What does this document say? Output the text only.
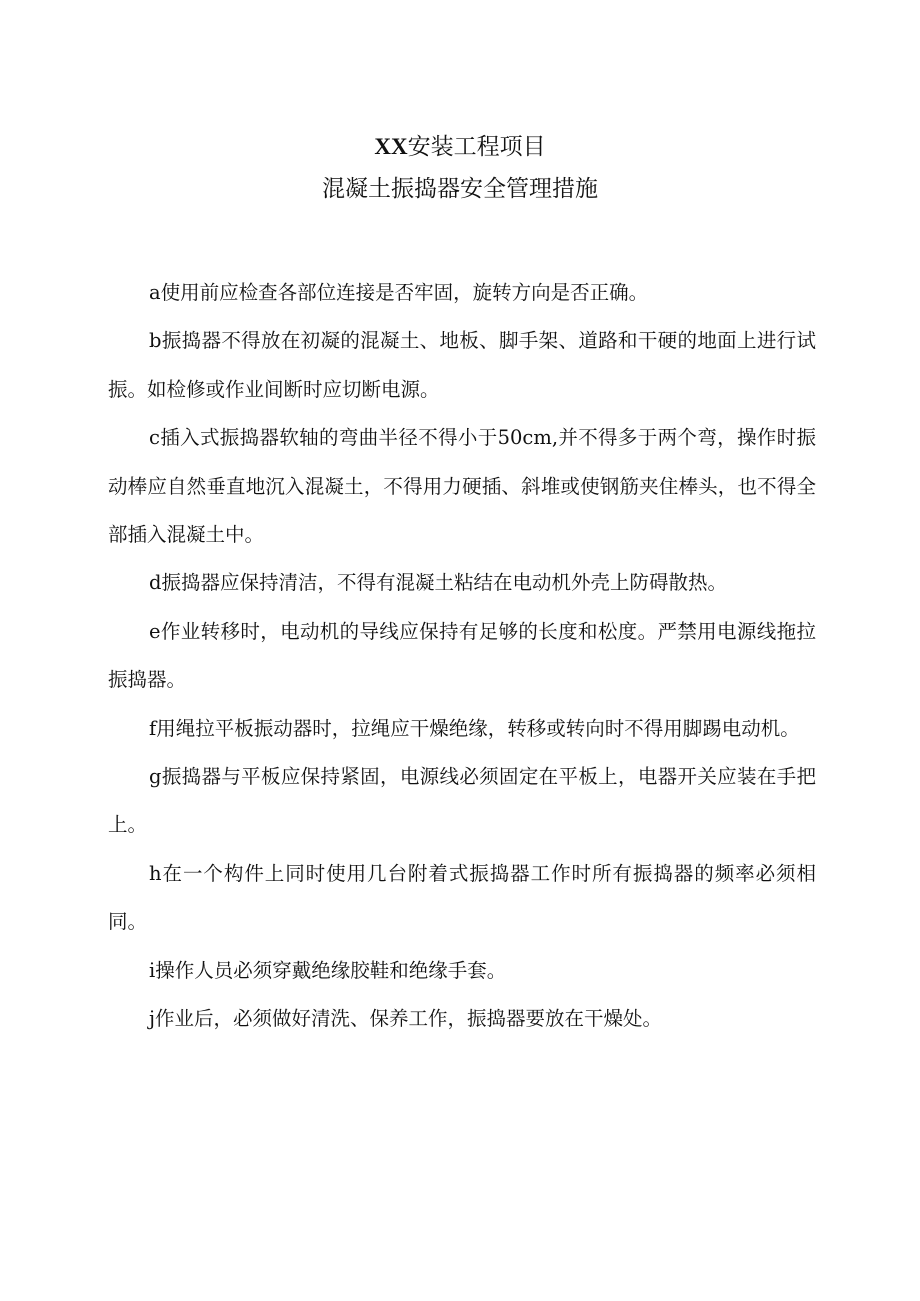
XX安装工程项目
混凝土振捣器安全管理措施

a使用前应检查各部位连接是否牢固，旋转方向是否正确。

b振捣器不得放在初凝的混凝土、地板、脚手架、道路和干硬的地面上进行试振。如检修或作业间断时应切断电源。

c插入式振捣器软轴的弯曲半径不得小于50cm,并不得多于两个弯，操作时振动棒应自然垂直地沉入混凝土，不得用力硬插、斜堆或使钢筋夹住棒头，也不得全部插入混凝土中。

d振捣器应保持清洁，不得有混凝土粘结在电动机外壳上防碍散热。

e作业转移时，电动机的导线应保持有足够的长度和松度。严禁用电源线拖拉振捣器。

f用绳拉平板振动器时，拉绳应干燥绝缘，转移或转向时不得用脚踢电动机。

g振捣器与平板应保持紧固，电源线必须固定在平板上，电器开关应装在手把上。

h在一个构件上同时使用几台附着式振捣器工作时所有振捣器的频率必须相同。

i操作人员必须穿戴绝缘胶鞋和绝缘手套。

j作业后，必须做好清洗、保养工作，振捣器要放在干燥处。
